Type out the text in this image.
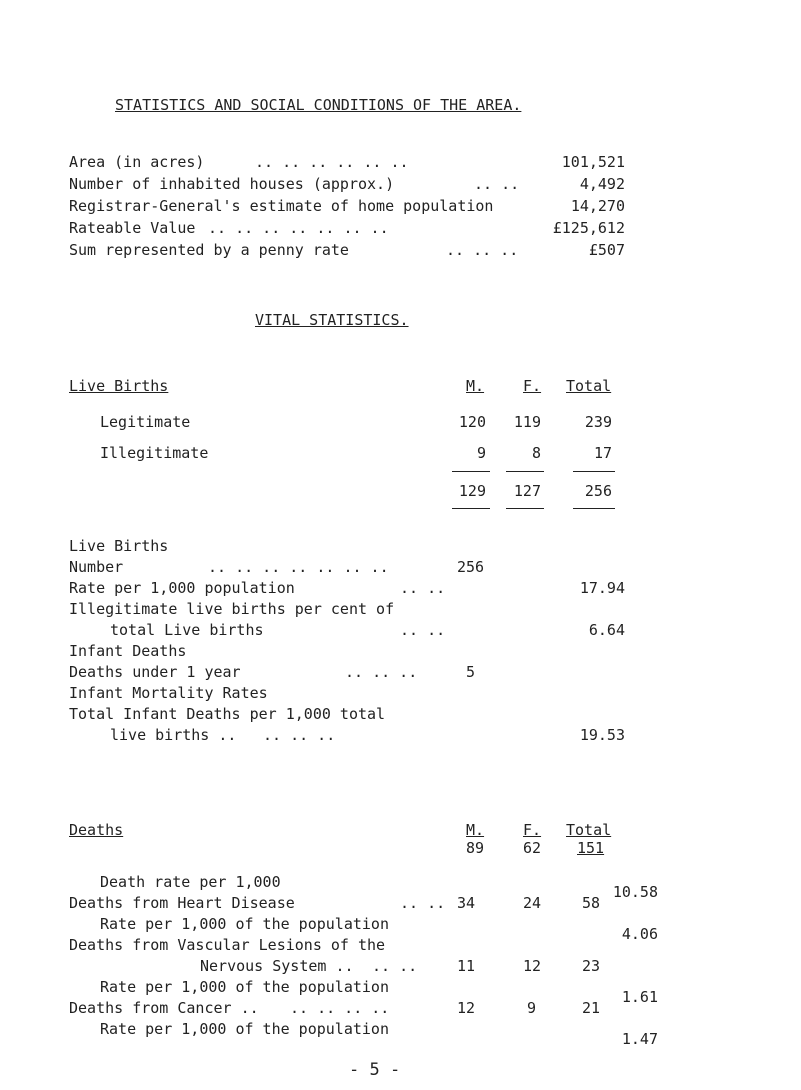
STATISTICS AND SOCIAL CONDITIONS OF THE AREA.
Area (in acres)	.. .. .. .. .. ..	101,521
Number of inhabited houses (approx.)	.. ..	4,492
Registrar-General's estimate of home population	14,270
Rateable Value .. .. .. .. .. .. ..	£125,612
Sum represented by a penny rate	.. .. ..	£507
VITAL STATISTICS.
Live Births	M.	F. Total
Legitimate	120 119	239
Illegitimate	9	8	17
129 127	256
Live Births
Number	.. .. .. .. .. .. ..	256
Rate per 1,000 population	.. ..	17.94
Illegitimate live births per cent of
total Live births	.. ..	6.64
Infant Deaths
Deaths under 1 year	.. .. ..	5
Infant Mortality Rates
Total Infant Deaths per 1,000 total
live births .. .. .. ..	19.53
Deaths	M.	F. Total
89	62 151
Death rate per 1,000
10.58
Deaths from Heart Disease	.. .. 34	24	58
Rate per 1,000 of the population
4.06
Deaths from Vascular Lesions of the
Nervous System .. .. ..	11	12	23
Rate per 1,000 of the population
1.61
Deaths from Cancer .. .. .. .. ..	12	9	21
Rate per 1,000 of the population
1.47
- 5 -
